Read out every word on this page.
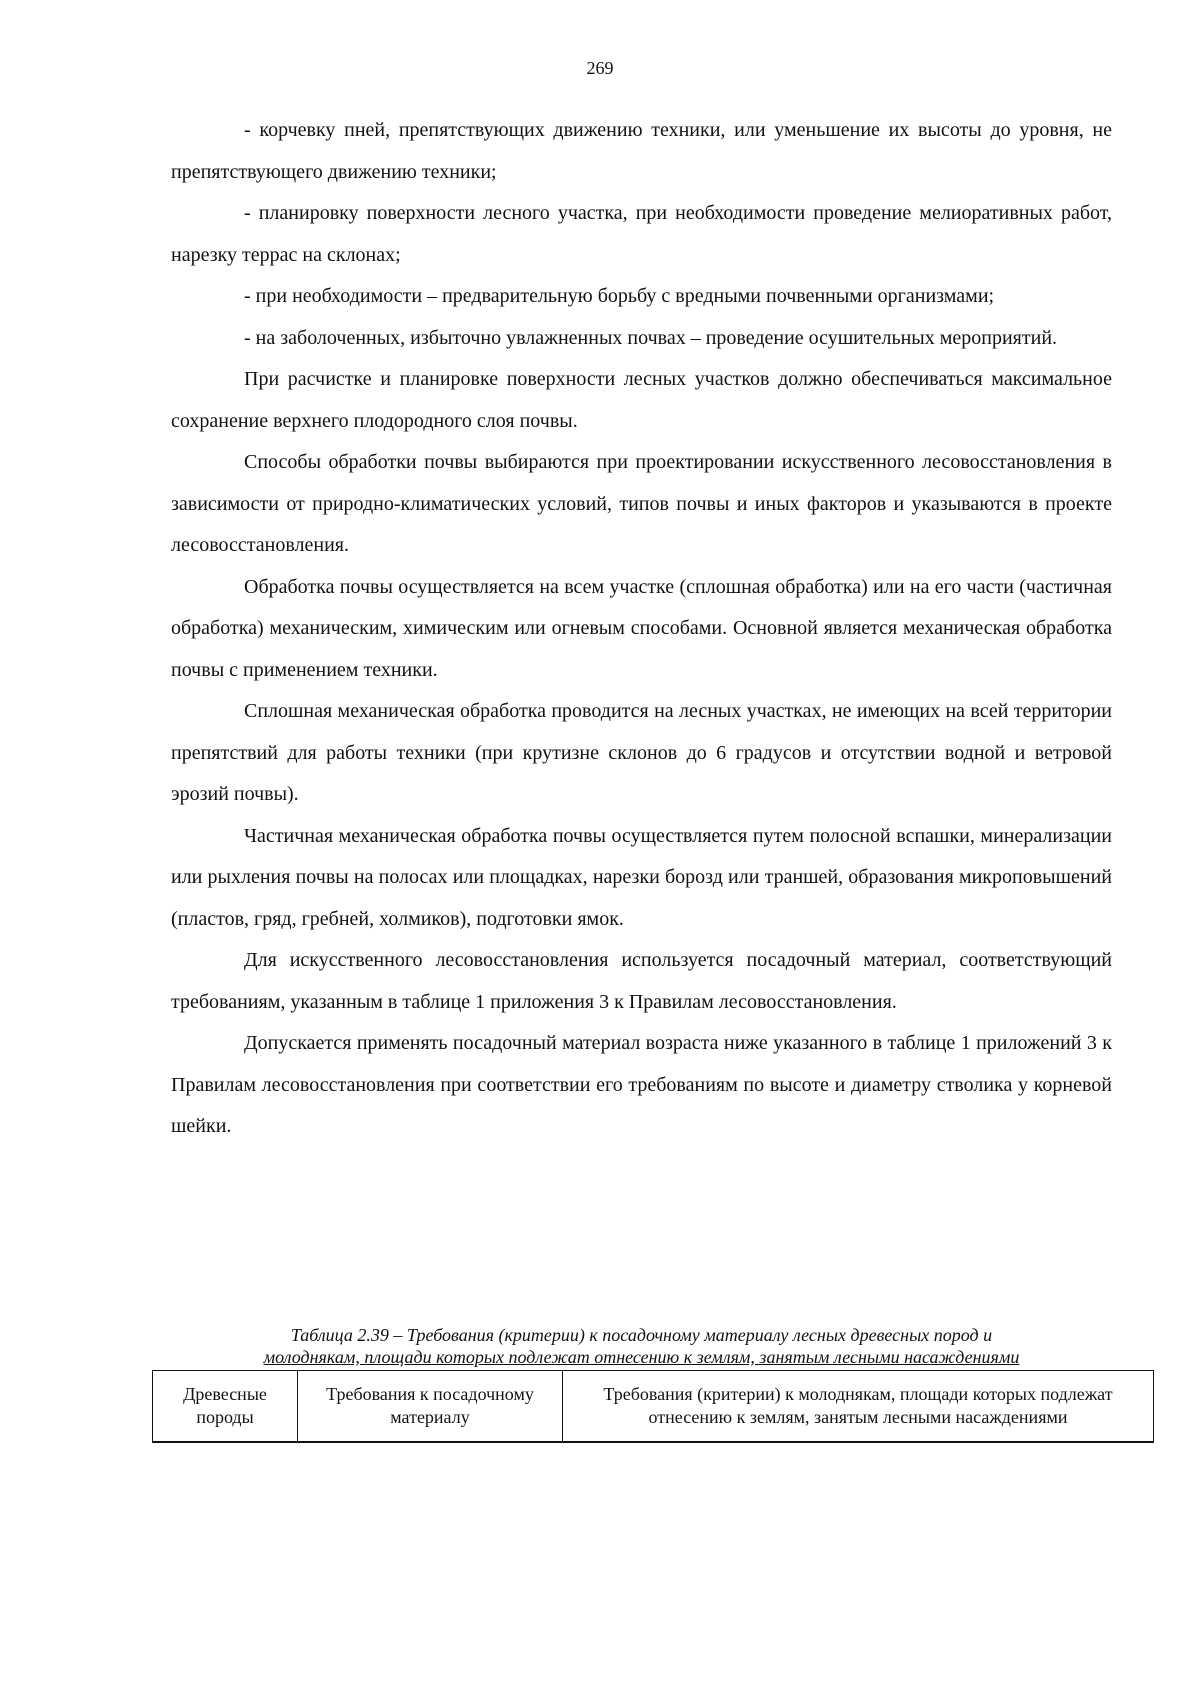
269

- корчевку пней, препятствующих движению техники, или уменьшение их высоты до уровня, не препятствующего движению техники;

- планировку поверхности лесного участка, при необходимости проведение мелиоративных работ, нарезку террас на склонах;

- при необходимости – предварительную борьбу с вредными почвенными организмами;

- на заболоченных, избыточно увлажненных почвах – проведение осушительных мероприятий.

При расчистке и планировке поверхности лесных участков должно обеспечиваться максимальное сохранение верхнего плодородного слоя почвы.

Способы обработки почвы выбираются при проектировании искусственного лесовосстановления в зависимости от природно-климатических условий, типов почвы и иных факторов и указываются в проекте лесовосстановления.

Обработка почвы осуществляется на всем участке (сплошная обработка) или на его части (частичная обработка) механическим, химическим или огневым способами. Основной является механическая обработка почвы с применением техники.

Сплошная механическая обработка проводится на лесных участках, не имеющих на всей территории препятствий для работы техники (при крутизне склонов до 6 градусов и отсутствии водной и ветровой эрозий почвы).

Частичная механическая обработка почвы осуществляется путем полосной вспашки, минерализации или рыхления почвы на полосах или площадках, нарезки борозд или траншей, образования микроповышений (пластов, гряд, гребней, холмиков), подготовки ямок.

Для искусственного лесовосстановления используется посадочный материал, соответствующий требованиям, указанным в таблице 1 приложения 3 к Правилам лесовосстановления.

Допускается применять посадочный материал возраста ниже указанного в таблице 1 приложений 3 к Правилам лесовосстановления при соответствии его требованиям по высоте и диаметру стволика у корневой шейки.

Таблица 2.39 – Требования (критерии) к посадочному материалу лесных древесных пород и
молоднякам, площади которых подлежат отнесению к землям, занятым лесными насаждениями
Древесные породы	Требования к посадочному материалу	Требования (критерии) к молоднякам, площади которых подлежат отнесению к землям, занятым лесными насаждениями
